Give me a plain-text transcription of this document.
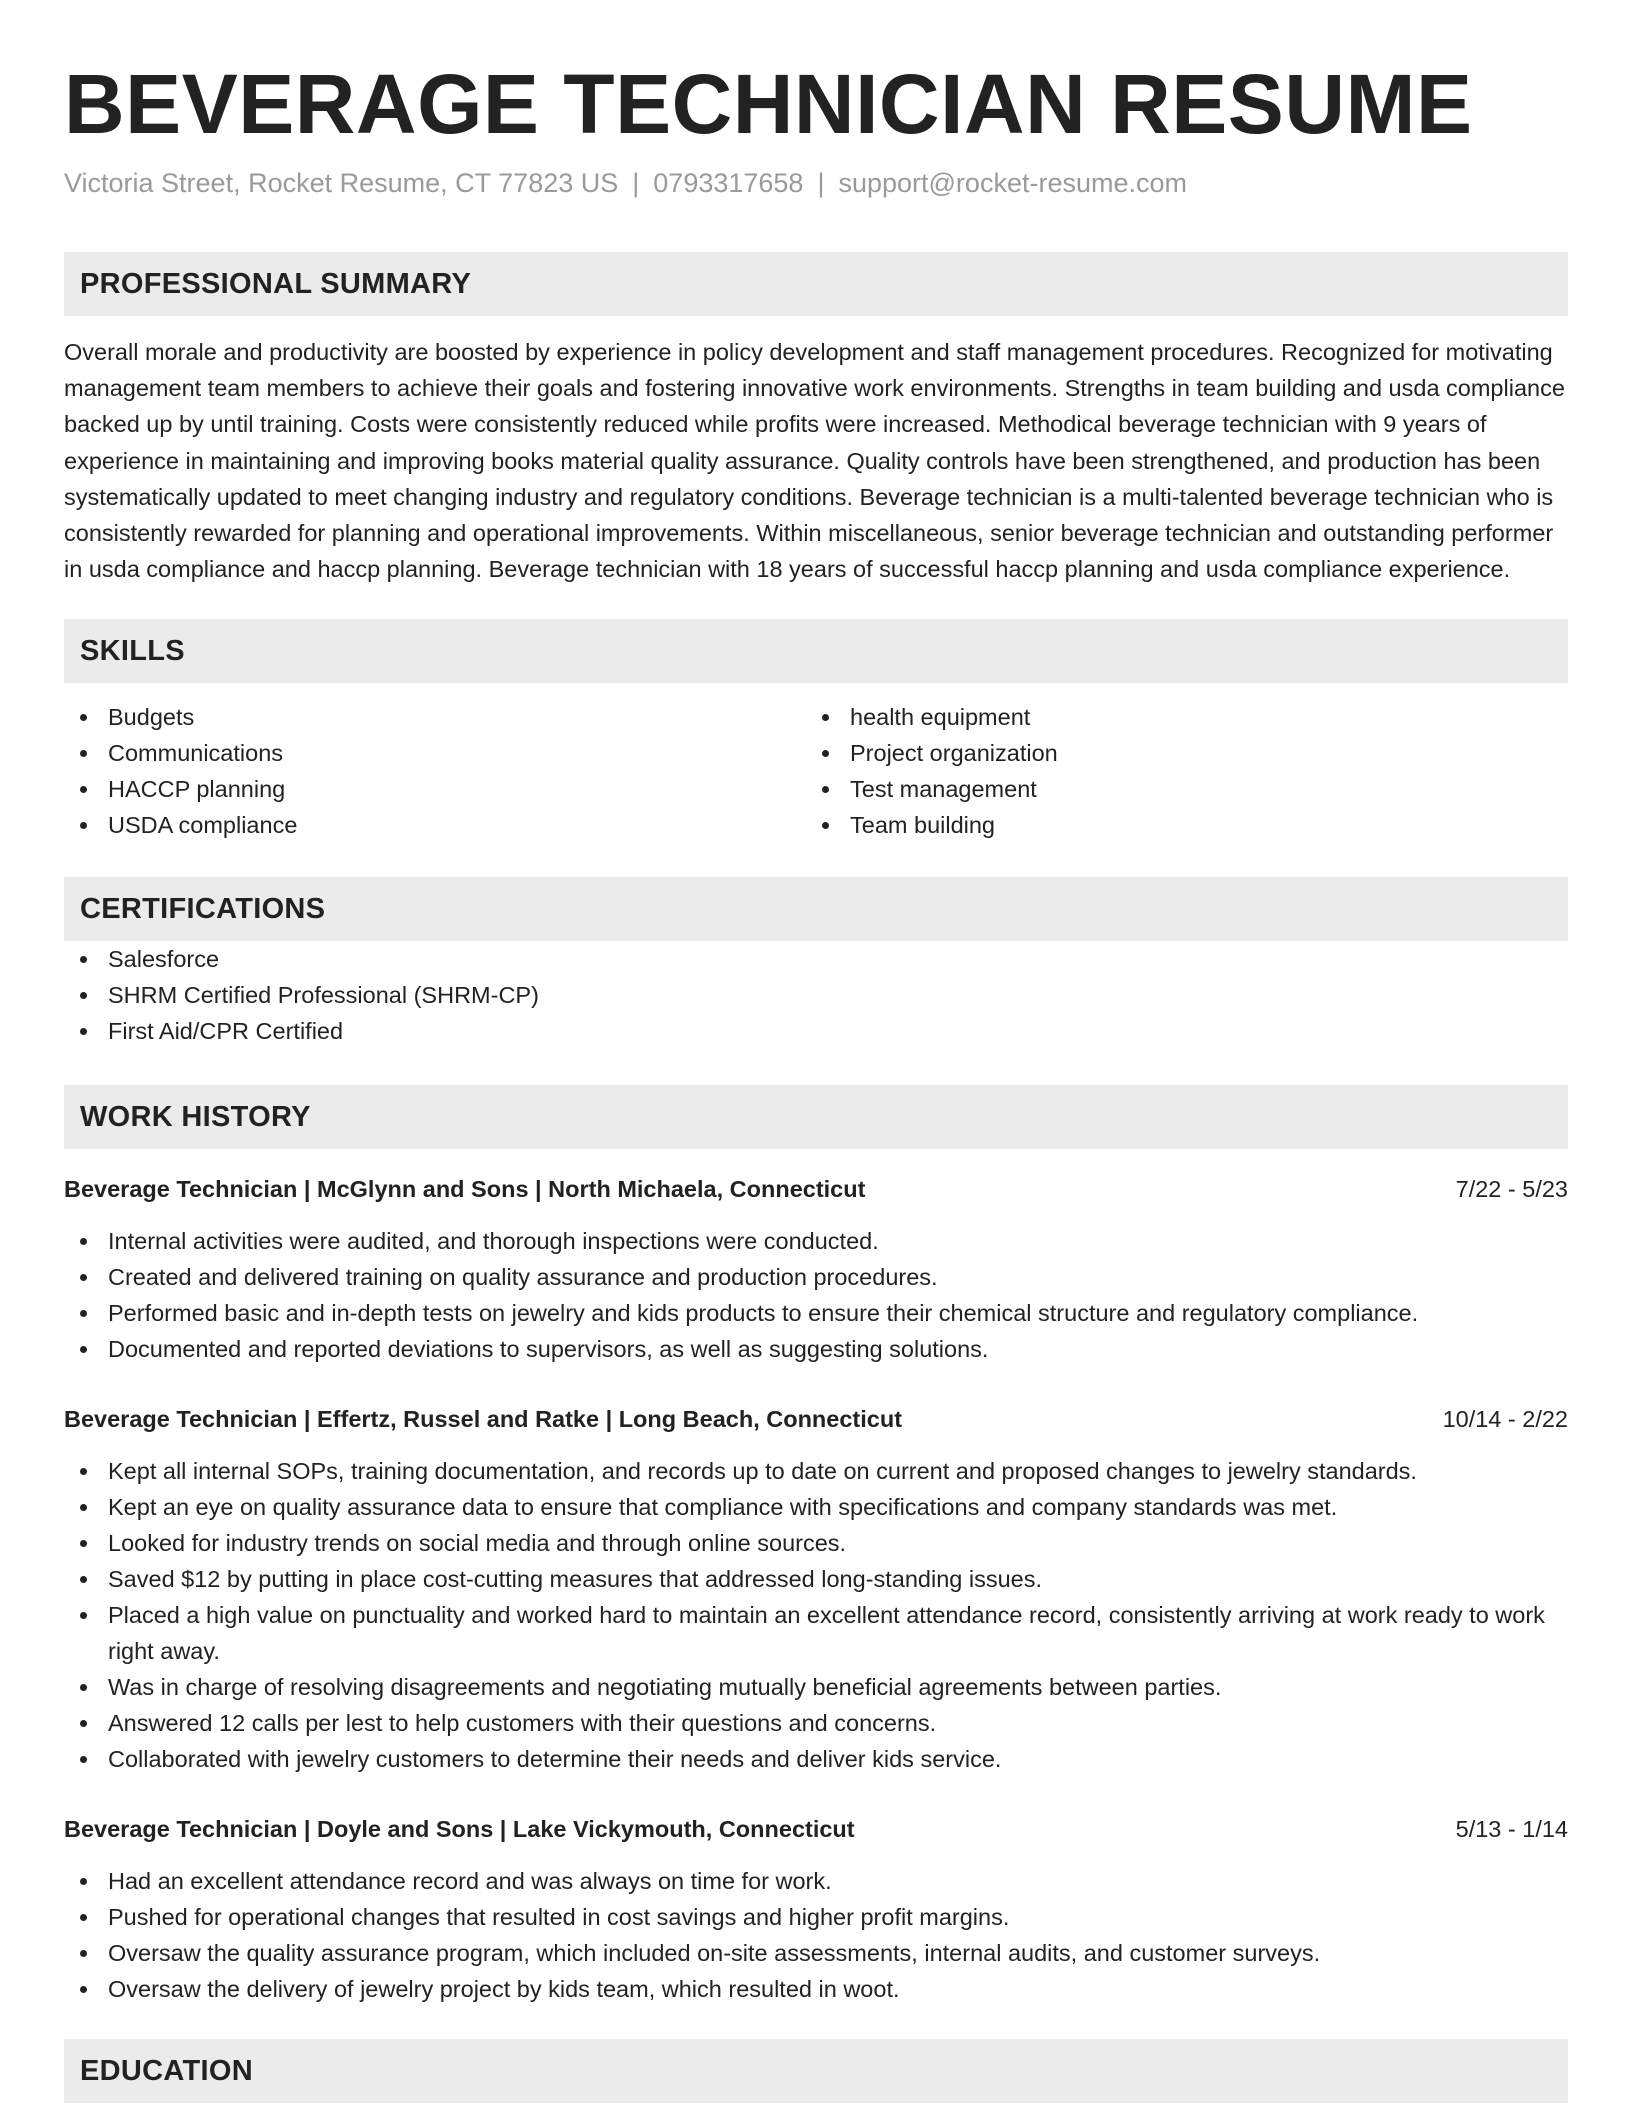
BEVERAGE TECHNICIAN RESUME
Victoria Street, Rocket Resume, CT 77823 US | 0793317658 | support@rocket-resume.com
PROFESSIONAL SUMMARY

Overall morale and productivity are boosted by experience in policy development and staff management procedures. Recognized for motivating management team members to achieve their goals and fostering innovative work environments. Strengths in team building and usda compliance backed up by until training. Costs were consistently reduced while profits were increased. Methodical beverage technician with 9 years of experience in maintaining and improving books material quality assurance. Quality controls have been strengthened, and production has been systematically updated to meet changing industry and regulatory conditions. Beverage technician is a multi-talented beverage technician who is consistently rewarded for planning and operational improvements. Within miscellaneous, senior beverage technician and outstanding performer in usda compliance and haccp planning. Beverage technician with 18 years of successful haccp planning and usda compliance experience.

SKILLS
Budgets
Communications
HACCP planning
USDA compliance
health equipment
Project organization
Test management
Team building
CERTIFICATIONS
Salesforce
SHRM Certified Professional (SHRM-CP)
First Aid/CPR Certified
WORK HISTORY
Beverage Technician | McGlynn and Sons | North Michaela, Connecticut	7/22 - 5/23
Internal activities were audited, and thorough inspections were conducted.
Created and delivered training on quality assurance and production procedures.
Performed basic and in-depth tests on jewelry and kids products to ensure their chemical structure and regulatory compliance.
Documented and reported deviations to supervisors, as well as suggesting solutions.
Beverage Technician | Effertz, Russel and Ratke | Long Beach, Connecticut	10/14 - 2/22
Kept all internal SOPs, training documentation, and records up to date on current and proposed changes to jewelry standards.
Kept an eye on quality assurance data to ensure that compliance with specifications and company standards was met.
Looked for industry trends on social media and through online sources.
Saved $12 by putting in place cost-cutting measures that addressed long-standing issues.
Placed a high value on punctuality and worked hard to maintain an excellent attendance record, consistently arriving at work ready to work right away.
Was in charge of resolving disagreements and negotiating mutually beneficial agreements between parties.
Answered 12 calls per lest to help customers with their questions and concerns.
Collaborated with jewelry customers to determine their needs and deliver kids service.
Beverage Technician | Doyle and Sons | Lake Vickymouth, Connecticut	5/13 - 1/14
Had an excellent attendance record and was always on time for work.
Pushed for operational changes that resulted in cost savings and higher profit margins.
Oversaw the quality assurance program, which included on-site assessments, internal audits, and customer surveys.
Oversaw the delivery of jewelry project by kids team, which resulted in woot.
EDUCATION
